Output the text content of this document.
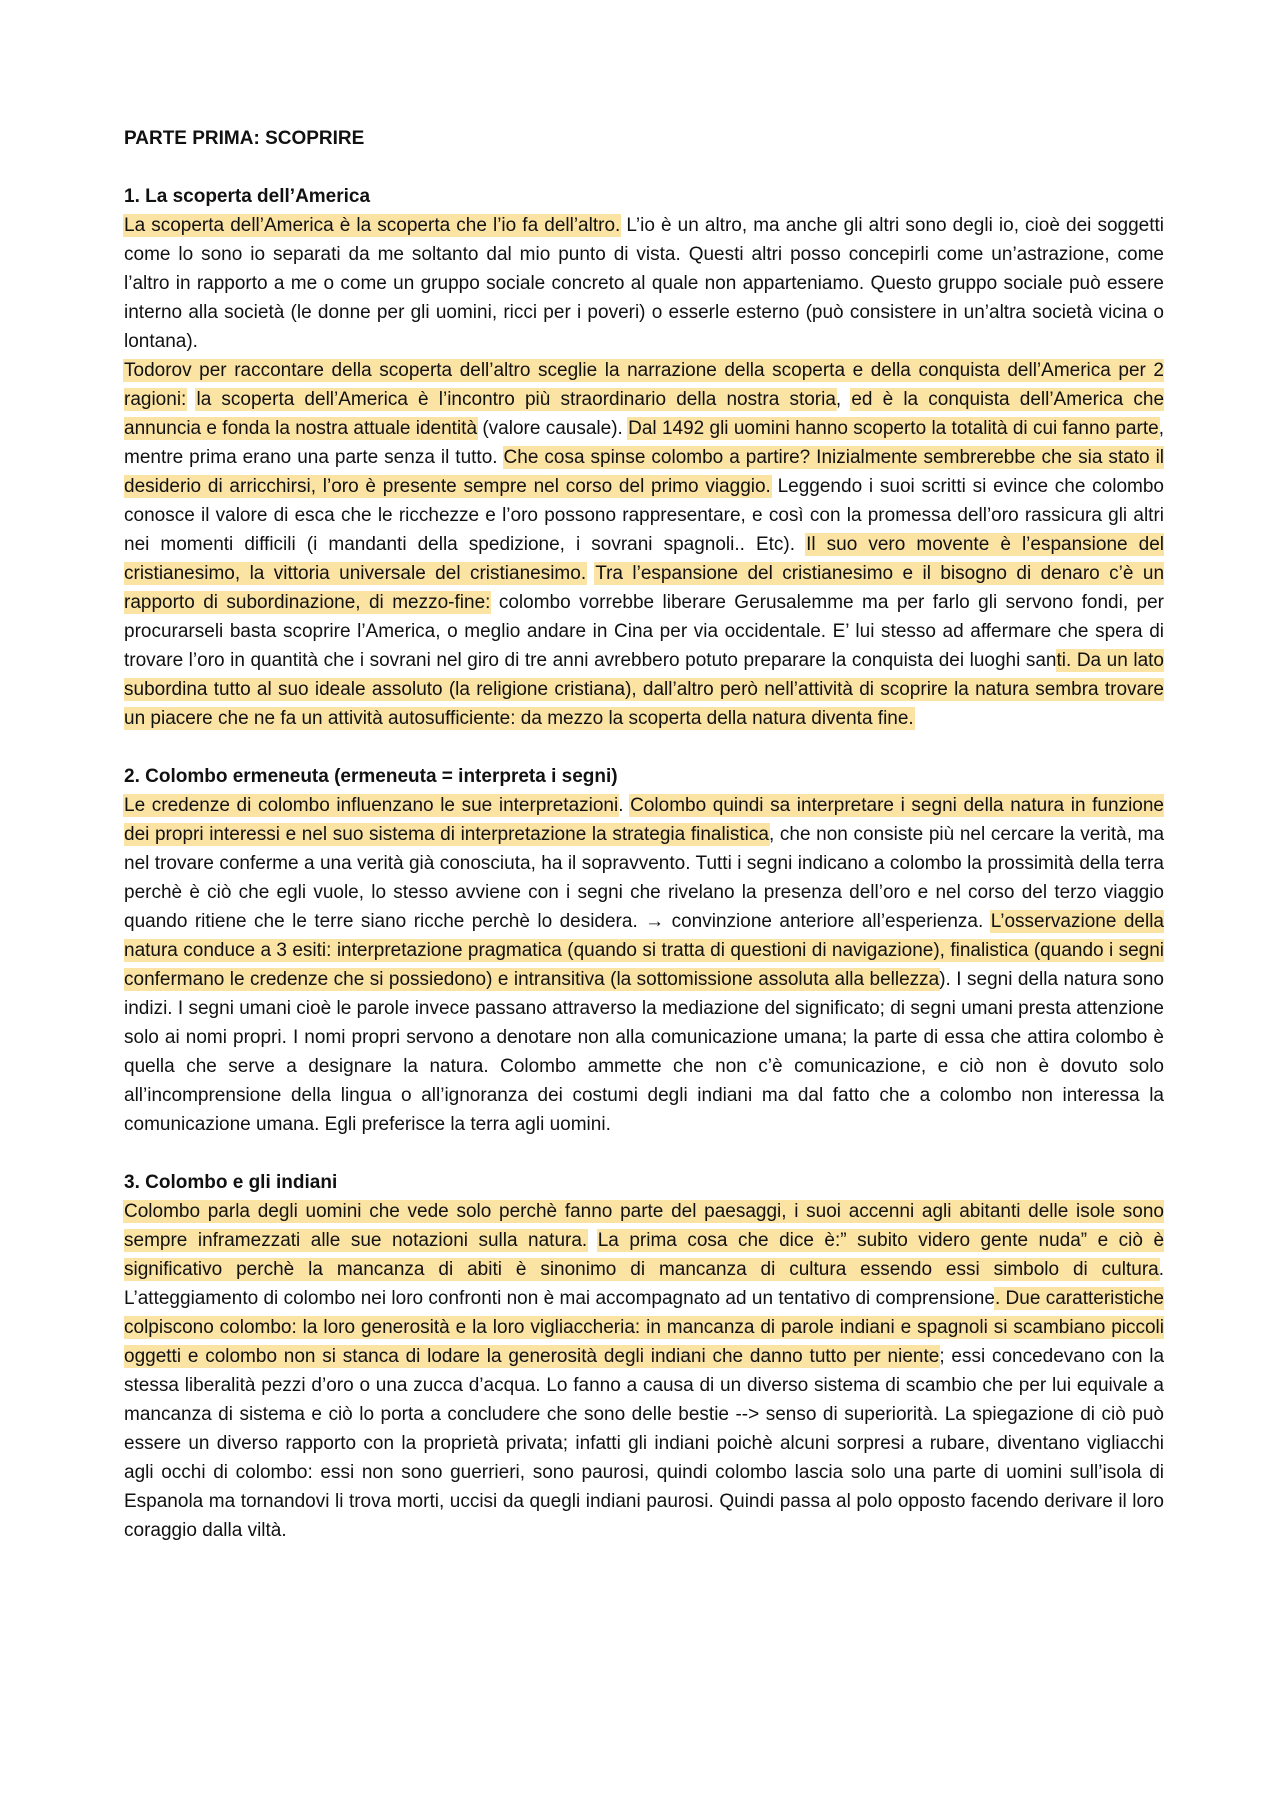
PARTE PRIMA: SCOPRIRE
1. La scoperta dell’America

La scoperta dell’America è la scoperta che l’io fa dell’altro. L’io è un altro, ma anche gli altri sono degli io, cioè dei soggetti come lo sono io separati da me soltanto dal mio punto di vista. Questi altri posso concepirli come un’astrazione, come l’altro in rapporto a me o come un gruppo sociale concreto al quale non apparteniamo. Questo gruppo sociale può essere interno alla società (le donne per gli uomini, ricci per i poveri) o esserle esterno (può consistere in un’altra società vicina o lontana).

Todorov per raccontare della scoperta dell’altro sceglie la narrazione della scoperta e della conquista dell’America per 2 ragioni: la scoperta dell’America è l’incontro più straordinario della nostra storia, ed è la conquista dell’America che annuncia e fonda la nostra attuale identità (valore causale). Dal 1492 gli uomini hanno scoperto la totalità di cui fanno parte, mentre prima erano una parte senza il tutto. Che cosa spinse colombo a partire? Inizialmente sembrerebbe che sia stato il desiderio di arricchirsi, l’oro è presente sempre nel corso del primo viaggio. Leggendo i suoi scritti si evince che colombo conosce il valore di esca che le ricchezze e l’oro possono rappresentare, e così con la promessa dell’oro rassicura gli altri nei momenti difficili (i mandanti della spedizione, i sovrani spagnoli.. Etc). Il suo vero movente è l’espansione del cristianesimo, la vittoria universale del cristianesimo. Tra l’espansione del cristianesimo e il bisogno di denaro c’è un rapporto di subordinazione, di mezzo-fine: colombo vorrebbe liberare Gerusalemme ma per farlo gli servono fondi, per procurarseli basta scoprire l’America, o meglio andare in Cina per via occidentale. E’ lui stesso ad affermare che spera di trovare l’oro in quantità che i sovrani nel giro di tre anni avrebbero potuto preparare la conquista dei luoghi santi. Da un lato subordina tutto al suo ideale assoluto (la religione cristiana), dall’altro però nell’attività di scoprire la natura sembra trovare un piacere che ne fa un attività autosufficiente: da mezzo la scoperta della natura diventa fine.

2. Colombo ermeneuta (ermeneuta = interpreta i segni)

Le credenze di colombo influenzano le sue interpretazioni. Colombo quindi sa interpretare i segni della natura in funzione dei propri interessi e nel suo sistema di interpretazione la strategia finalistica, che non consiste più nel cercare la verità, ma nel trovare conferme a una verità già conosciuta, ha il sopravvento. Tutti i segni indicano a colombo la prossimità della terra perchè è ciò che egli vuole, lo stesso avviene con i segni che rivelano la presenza dell’oro e nel corso del terzo viaggio quando ritiene che le terre siano ricche perchè lo desidera. → convinzione anteriore all’esperienza. L’osservazione della natura conduce a 3 esiti: interpretazione pragmatica (quando si tratta di questioni di navigazione), finalistica (quando i segni confermano le credenze che si possiedono) e intransitiva (la sottomissione assoluta alla bellezza). I segni della natura sono indizi. I segni umani cioè le parole invece passano attraverso la mediazione del significato; di segni umani presta attenzione solo ai nomi propri. I nomi propri servono a denotare non alla comunicazione umana; la parte di essa che attira colombo è quella che serve a designare la natura. Colombo ammette che non c’è comunicazione, e ciò non è dovuto solo all’incomprensione della lingua o all’ignoranza dei costumi degli indiani ma dal fatto che a colombo non interessa la comunicazione umana. Egli preferisce la terra agli uomini.

3. Colombo e gli indiani

Colombo parla degli uomini che vede solo perchè fanno parte del paesaggi, i suoi accenni agli abitanti delle isole sono sempre inframezzati alle sue notazioni sulla natura. La prima cosa che dice è:” subito videro gente nuda” e ciò è significativo perchè la mancanza di abiti è sinonimo di mancanza di cultura essendo essi simbolo di cultura. L’atteggiamento di colombo nei loro confronti non è mai accompagnato ad un tentativo di comprensione. Due caratteristiche colpiscono colombo: la loro generosità e la loro vigliaccheria: in mancanza di parole indiani e spagnoli si scambiano piccoli oggetti e colombo non si stanca di lodare la generosità degli indiani che danno tutto per niente; essi concedevano con la stessa liberalità pezzi d’oro o una zucca d’acqua. Lo fanno a causa di un diverso sistema di scambio che per lui equivale a mancanza di sistema e ciò lo porta a concludere che sono delle bestie --> senso di superiorità. La spiegazione di ciò può essere un diverso rapporto con la proprietà privata; infatti gli indiani poichè alcuni sorpresi a rubare, diventano vigliacchi agli occhi di colombo: essi non sono guerrieri, sono paurosi, quindi colombo lascia solo una parte di uomini sull’isola di Espanola ma tornandovi li trova morti, uccisi da quegli indiani paurosi. Quindi passa al polo opposto facendo derivare il loro coraggio dalla viltà.
